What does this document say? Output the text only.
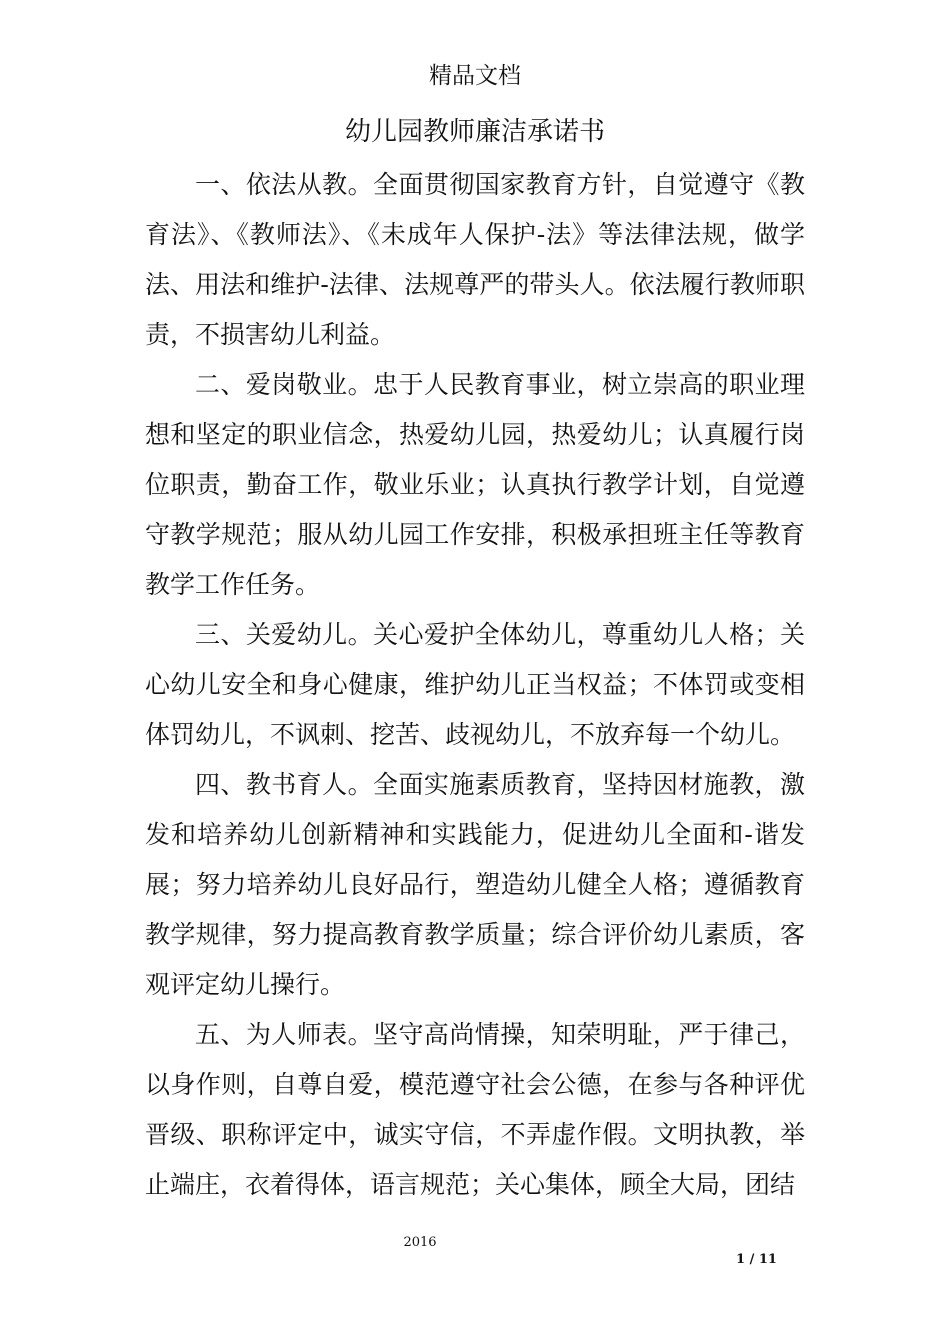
精品文档
幼儿园教师廉洁承诺书

一、依法从教。全面贯彻国家教育方针，自觉遵守《教育法》、《教师法》、《未成年人保护-法》等法律法规，做学法、用法和维护-法律、法规尊严的带头人。依法履行教师职责，不损害幼儿利益。

二、爱岗敬业。忠于人民教育事业，树立崇高的职业理想和坚定的职业信念，热爱幼儿园，热爱幼儿；认真履行岗位职责，勤奋工作，敬业乐业；认真执行教学计划，自觉遵守教学规范；服从幼儿园工作安排，积极承担班主任等教育教学工作任务。

三、关爱幼儿。关心爱护全体幼儿，尊重幼儿人格；关心幼儿安全和身心健康，维护幼儿正当权益；不体罚或变相体罚幼儿，不讽刺、挖苦、歧视幼儿，不放弃每一个幼儿。

四、教书育人。全面实施素质教育，坚持因材施教，激发和培养幼儿创新精神和实践能力，促进幼儿全面和-谐发展；努力培养幼儿良好品行，塑造幼儿健全人格；遵循教育教学规律，努力提高教育教学质量；综合评价幼儿素质，客观评定幼儿操行。

五、为人师表。坚守高尚情操，知荣明耻，严于律己，以身作则，自尊自爱，模范遵守社会公德，在参与各种评优晋级、职称评定中，诚实守信，不弄虚作假。文明执教，举止端庄，衣着得体，语言规范；关心集体，顾全大局，团结

2016
1 / 11
